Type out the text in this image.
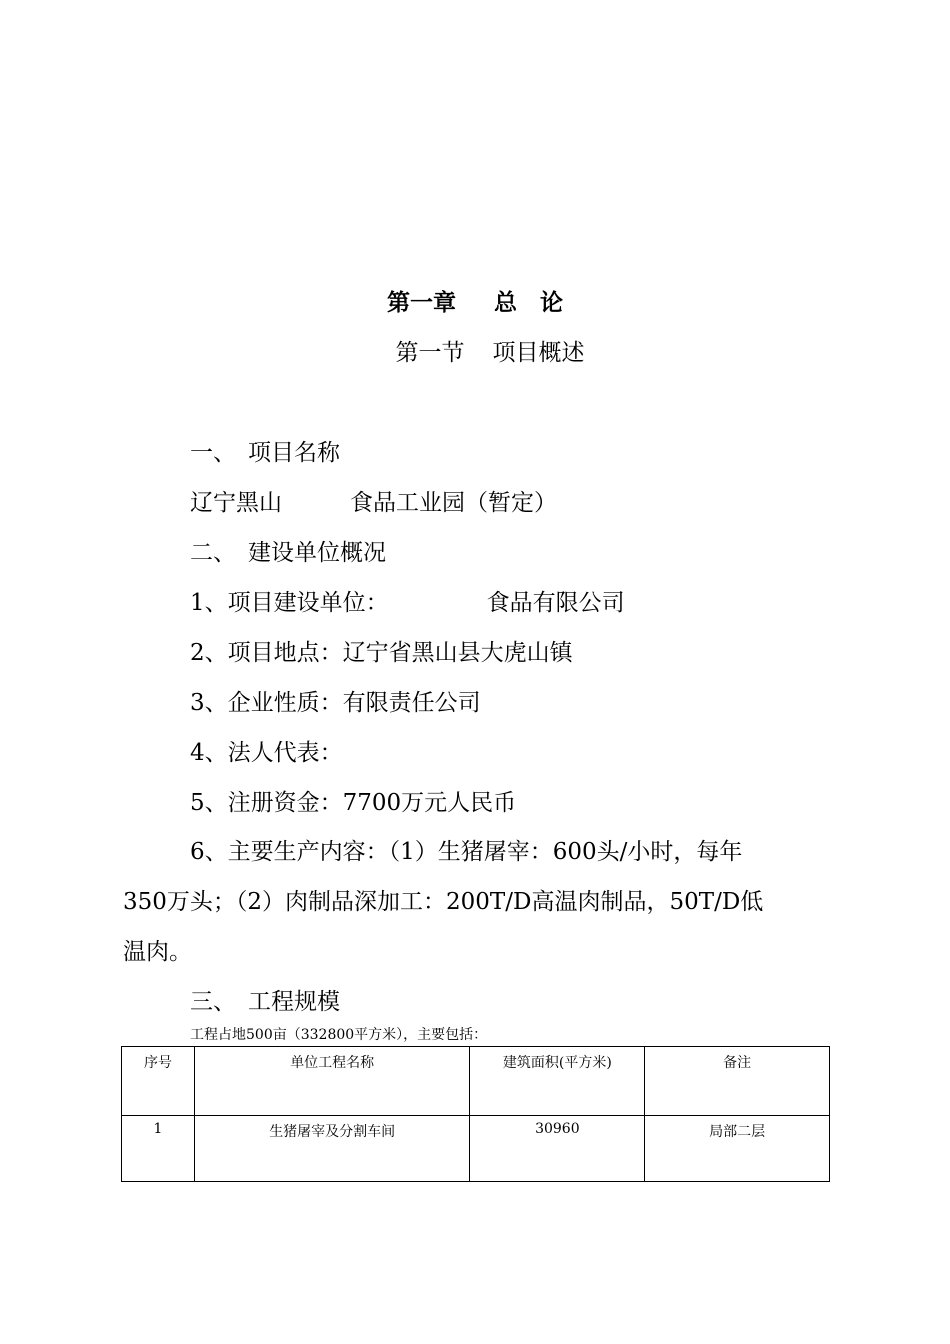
第一章 总 论
第一节 项目概述
一、 项目名称
辽宁黑山	食品工业园（暂定）
二、 建设单位概况
1、项目建设单位：	食品有限公司
2、项目地点：辽宁省黑山县大虎山镇
3、企业性质：有限责任公司
4、法人代表：
5、注册资金：7700万元人民币
6、主要生产内容：（1）生猪屠宰：600头/小时，每年
350万头；（2）肉制品深加工：200T/D高温肉制品，50T/D低
温肉。
三、 工程规模
工程占地500亩（332800平方米），主要包括：
序号	单位工程名称	建筑面积(平方米)	备注
1	生猪屠宰及分割车间	30960	局部二层
